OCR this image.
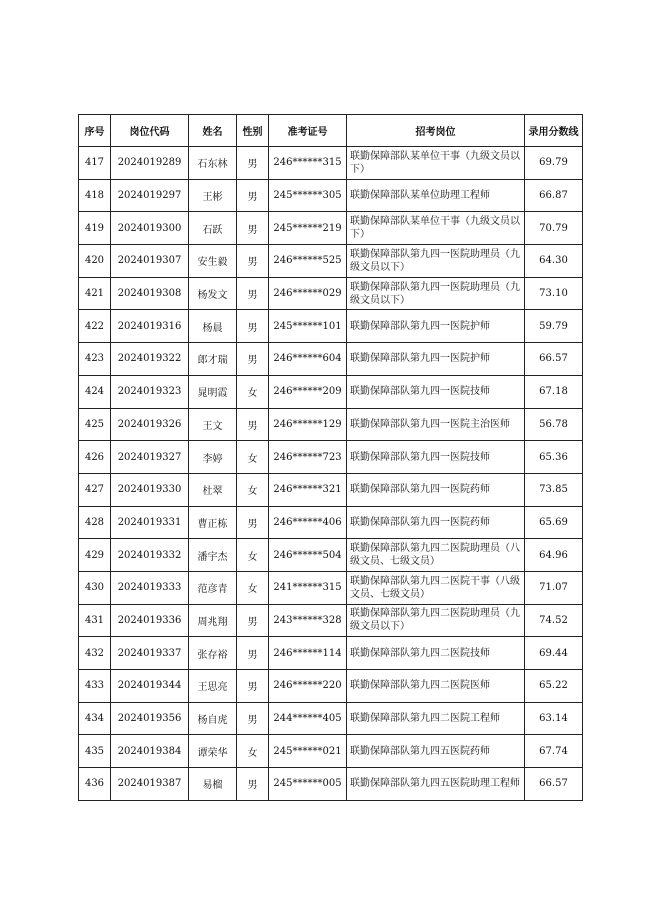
序号	岗位代码	姓名	性别	准考证号	招考岗位	录用分数线
417	2024019289	石东林	男	246******315	联勤保障部队某单位干事（九级文员以下）	69.79
418	2024019297	王彬	男	245******305	联勤保障部队某单位助理工程师	66.87
419	2024019300	石跃	男	245******219	联勤保障部队某单位干事（九级文员以下）	70.79
420	2024019307	安生毅	男	246******525	联勤保障部队第九四一医院助理员（九级文员以下）	64.30
421	2024019308	杨发文	男	246******029	联勤保障部队第九四一医院助理员（九级文员以下）	73.10
422	2024019316	杨晨	男	245******101	联勤保障部队第九四一医院护师	59.79
423	2024019322	郎才瑞	男	246******604	联勤保障部队第九四一医院护师	66.57
424	2024019323	晁明霞	女	246******209	联勤保障部队第九四一医院技师	67.18
425	2024019326	王文	男	246******129	联勤保障部队第九四一医院主治医师	56.78
426	2024019327	李婷	女	246******723	联勤保障部队第九四一医院技师	65.36
427	2024019330	杜翠	女	246******321	联勤保障部队第九四一医院药师	73.85
428	2024019331	曹正栋	男	246******406	联勤保障部队第九四一医院药师	65.69
429	2024019332	潘宇杰	女	246******504	联勤保障部队第九四二医院助理员（八级文员、七级文员）	64.96
430	2024019333	范彦青	女	241******315	联勤保障部队第九四二医院干事（八级文员、七级文员）	71.07
431	2024019336	周兆翔	男	243******328	联勤保障部队第九四二医院助理员（九级文员以下）	74.52
432	2024019337	张存裕	男	246******114	联勤保障部队第九四二医院技师	69.44
433	2024019344	王思亮	男	246******220	联勤保障部队第九四二医院医师	65.22
434	2024019356	杨自虎	男	244******405	联勤保障部队第九四二医院工程师	63.14
435	2024019384	谭荣华	女	245******021	联勤保障部队第九四五医院药师	67.74
436	2024019387	易榴	男	245******005	联勤保障部队第九四五医院助理工程师	66.57
